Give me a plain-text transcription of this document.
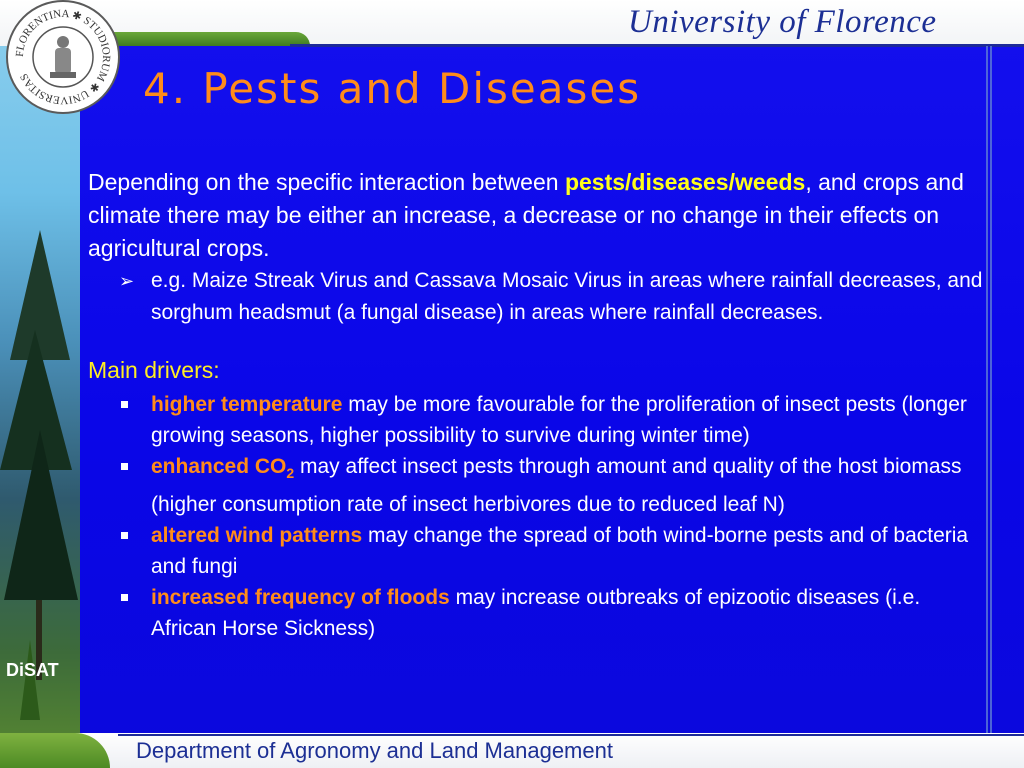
University of Florence
FLORENTINA ✱ STUDIORUM ✱ UNIVERSITAS	4. Pests and Diseases

Depending on the specific interaction between pests/diseases/weeds, and crops and climate there may be either an increase, a decrease or no change in their effects on agricultural crops.

➢ e.g. Maize Streak Virus and Cassava Mosaic Virus in areas where rainfall decreases, and sorghum headsmut (a fungal disease) in areas where rainfall decreases.

Main drivers:
higher temperature may be more favourable for the proliferation of insect pests (longer growing seasons, higher possibility to survive during winter time)
enhanced $CO_2$ may affect insect pests through amount and quality of the host biomass (higher consumption rate of insect herbivores due to reduced leaf N)
altered wind patterns may change the spread of both wind-borne pests and of bacteria and fungi
increased frequency of floods may increase outbreaks of epizootic diseases (i.e. African Horse Sickness)
DiSAT
Department of Agronomy and Land Management
